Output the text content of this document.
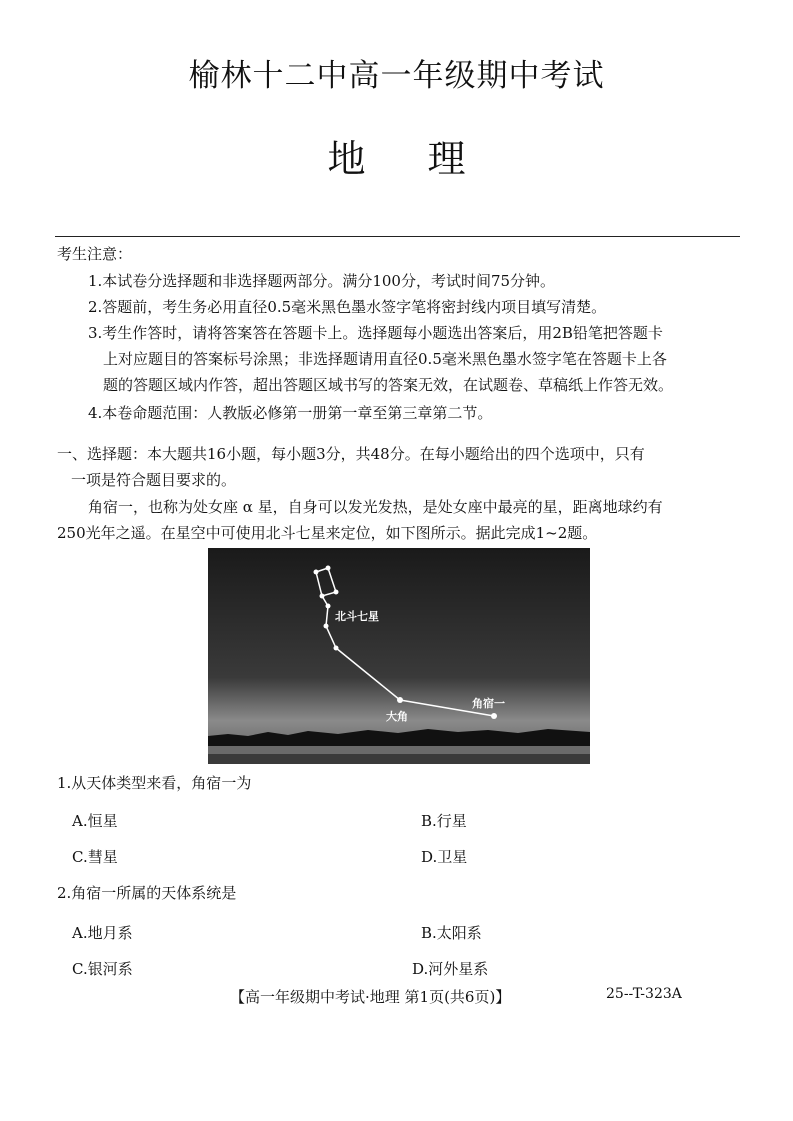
榆林十二中高一年级期中考试
地 理
考生注意：
1.本试卷分选择题和非选择题两部分。满分100分，考试时间75分钟。
2.答题前，考生务必用直径0.5毫米黑色墨水签字笔将密封线内项目填写清楚。
3.考生作答时，请将答案答在答题卡上。选择题每小题选出答案后，用2B铅笔把答题卡
上对应题目的答案标号涂黑；非选择题请用直径0.5毫米黑色墨水签字笔在答题卡上各
题的答题区域内作答，超出答题区域书写的答案无效，在试题卷、草稿纸上作答无效。
4.本卷命题范围：人教版必修第一册第一章至第三章第二节。
一、选择题：本大题共16小题，每小题3分，共48分。在每小题给出的四个选项中，只有
一项是符合题目要求的。
角宿一，也称为处女座 α 星，自身可以发光发热，是处女座中最亮的星，距离地球约有
250光年之遥。在星空中可使用北斗七星来定位，如下图所示。据此完成1~2题。
北斗七星
大角
角宿一
1.从天体类型来看，角宿一为
A.恒星	B.行星
C.彗星	D.卫星
2.角宿一所属的天体系统是
A.地月系	B.太阳系
C.银河系	D.河外星系
【高一年级期中考试·地理 第1页(共6页)】	25--T-323A
